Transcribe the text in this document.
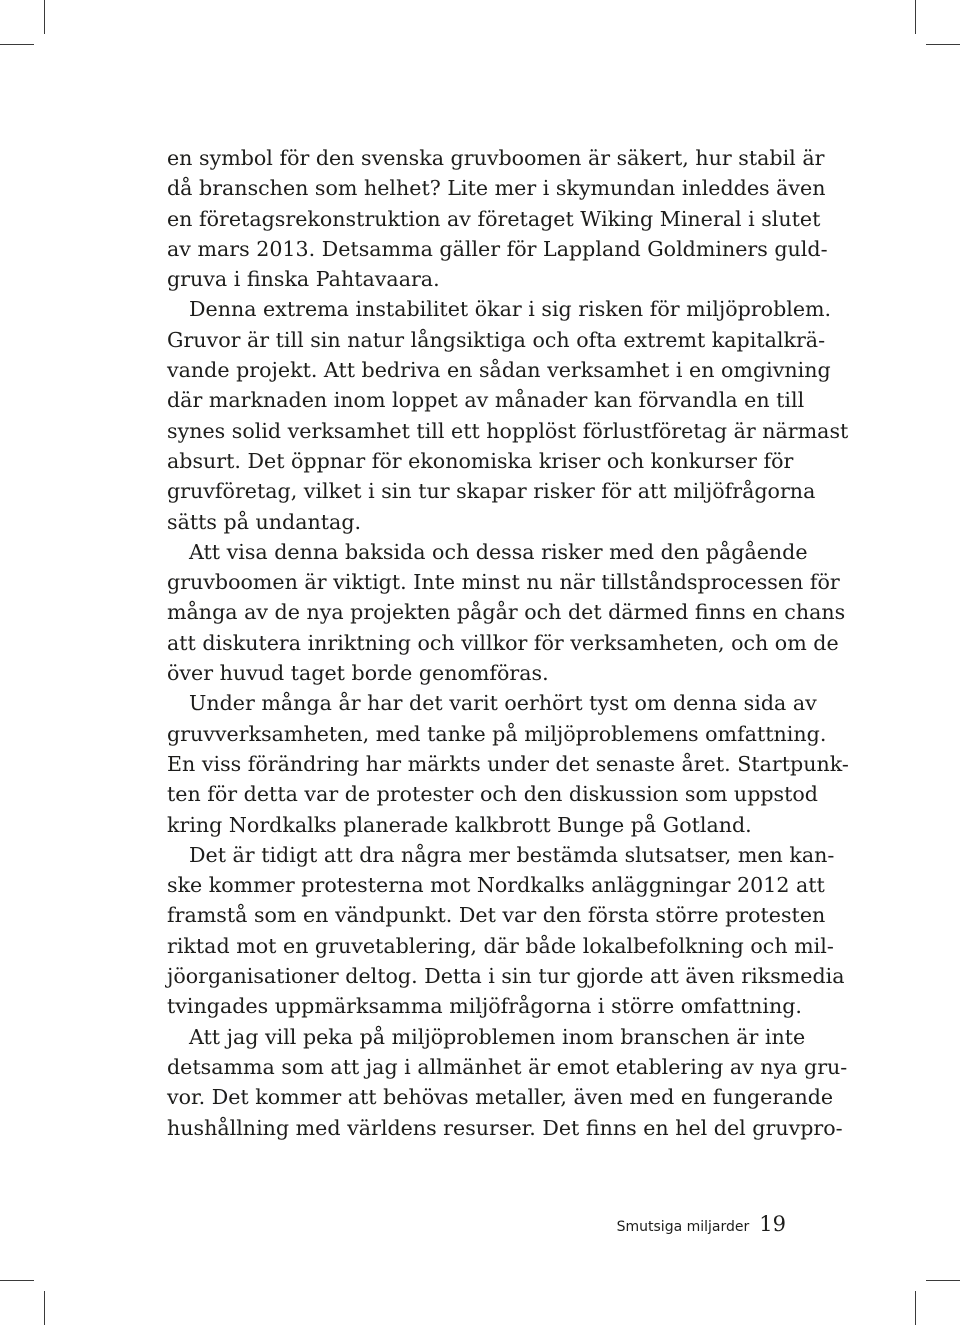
en symbol för den svenska gruvboomen är säkert, hur stabil är
då branschen som helhet? Lite mer i skymundan inleddes även
en företagsrekonstruktion av företaget Wiking Mineral i slutet
av mars 2013. Detsamma gäller för Lappland Goldminers guld-
gruva i finska Pahtavaara.
Denna extrema instabilitet ökar i sig risken för miljöproblem.
Gruvor är till sin natur långsiktiga och ofta extremt kapitalkrä-
vande projekt. Att bedriva en sådan verksamhet i en omgivning
där marknaden inom loppet av månader kan förvandla en till
synes solid verksamhet till ett hopplöst förlustföretag är närmast
absurt. Det öppnar för ekonomiska kriser och konkurser för
gruvföretag, vilket i sin tur skapar risker för att miljöfrågorna
sätts på undantag.
Att visa denna baksida och dessa risker med den pågående
gruvboomen är viktigt. Inte minst nu när tillståndsprocessen för
många av de nya projekten pågår och det därmed finns en chans
att diskutera inriktning och villkor för verksamheten, och om de
över huvud taget borde genomföras.
Under många år har det varit oerhört tyst om denna sida av
gruvverksamheten, med tanke på miljöproblemens omfattning.
En viss förändring har märkts under det senaste året. Startpunk-
ten för detta var de protester och den diskussion som uppstod
kring Nordkalks planerade kalkbrott Bunge på Gotland.
Det är tidigt att dra några mer bestämda slutsatser, men kan-
ske kommer protesterna mot Nordkalks anläggningar 2012 att
framstå som en vändpunkt. Det var den första större protesten
riktad mot en gruvetablering, där både lokalbefolkning och mil-
jöorganisationer deltog. Detta i sin tur gjorde att även riksmedia
tvingades uppmärksamma miljöfrågorna i större omfattning.
Att jag vill peka på miljöproblemen inom branschen är inte
detsamma som att jag i allmänhet är emot etablering av nya gru-
vor. Det kommer att behövas metaller, även med en fungerande
hushållning med världens resurser. Det finns en hel del gruvpro-
Smutsiga miljarder 19
